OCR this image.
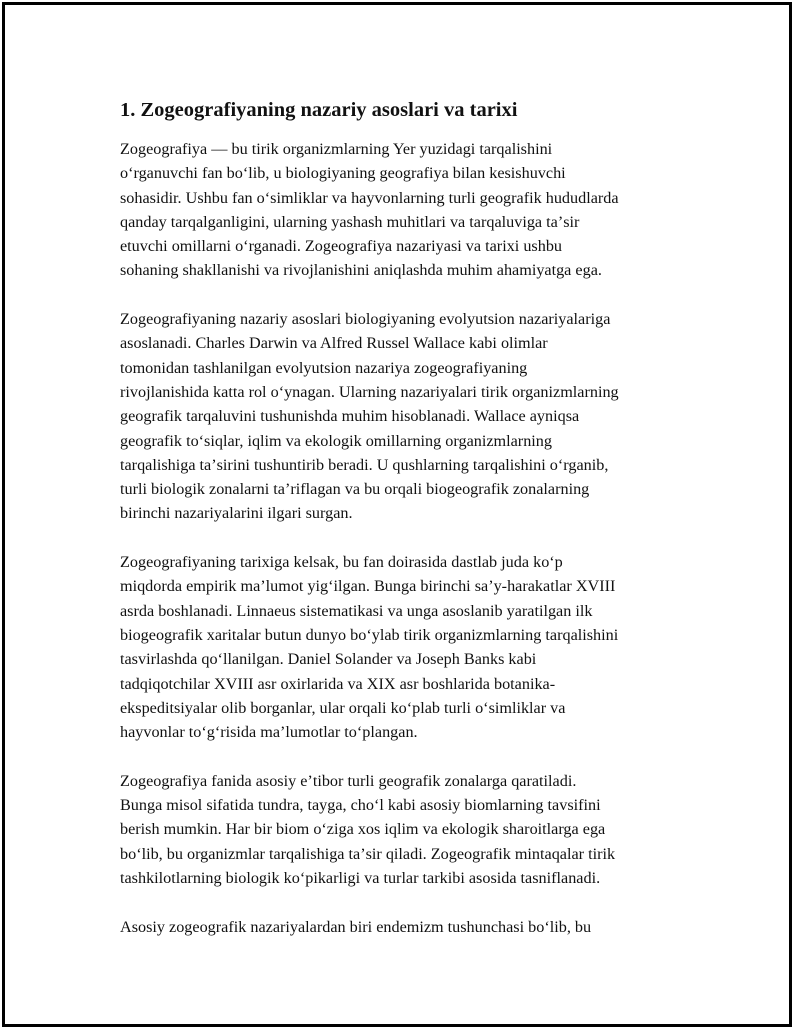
1. Zogeografiyaning nazariy asoslari va tarixi

Zogeografiya — bu tirik organizmlarning Yer yuzidagi tarqalishini
oʻrganuvchi fan boʻlib, u biologiyaning geografiya bilan kesishuvchi
sohasidir. Ushbu fan oʻsimliklar va hayvonlarning turli geografik hududlarda
qanday tarqalganligini, ularning yashash muhitlari va tarqaluviga taʼsir
etuvchi omillarni oʻrganadi. Zogeografiya nazariyasi va tarixi ushbu
sohaning shakllanishi va rivojlanishini aniqlashda muhim ahamiyatga ega.

Zogeografiyaning nazariy asoslari biologiyaning evolyutsion nazariyalariga
asoslanadi. Charles Darwin va Alfred Russel Wallace kabi olimlar
tomonidan tashlanilgan evolyutsion nazariya zogeografiyaning
rivojlanishida katta rol oʻynagan. Ularning nazariyalari tirik organizmlarning
geografik tarqaluvini tushunishda muhim hisoblanadi. Wallace ayniqsa
geografik toʻsiqlar, iqlim va ekologik omillarning organizmlarning
tarqalishiga taʼsirini tushuntirib beradi. U qushlarning tarqalishini oʻrganib,
turli biologik zonalarni taʼriflagan va bu orqali biogeografik zonalarning
birinchi nazariyalarini ilgari surgan.

Zogeografiyaning tarixiga kelsak, bu fan doirasida dastlab juda koʻp
miqdorda empirik maʼlumot yigʻilgan. Bunga birinchi saʼy-harakatlar XVIII
asrda boshlanadi. Linnaeus sistematikasi va unga asoslanib yaratilgan ilk
biogeografik xaritalar butun dunyo boʻylab tirik organizmlarning tarqalishini
tasvirlashda qoʻllanilgan. Daniel Solander va Joseph Banks kabi
tadqiqotchilar XVIII asr oxirlarida va XIX asr boshlarida botanika-
ekspeditsiyalar olib borganlar, ular orqali koʻplab turli oʻsimliklar va
hayvonlar toʻgʻrisida maʼlumotlar toʻplangan.

Zogeografiya fanida asosiy eʼtibor turli geografik zonalarga qaratiladi.
Bunga misol sifatida tundra, tayga, choʻl kabi asosiy biomlarning tavsifini
berish mumkin. Har bir biom oʻziga xos iqlim va ekologik sharoitlarga ega
boʻlib, bu organizmlar tarqalishiga taʼsir qiladi. Zogeografik mintaqalar tirik
tashkilotlarning biologik koʻpikarligi va turlar tarkibi asosida tasniflanadi.

Asosiy zogeografik nazariyalardan biri endemizm tushunchasi boʻlib, bu
